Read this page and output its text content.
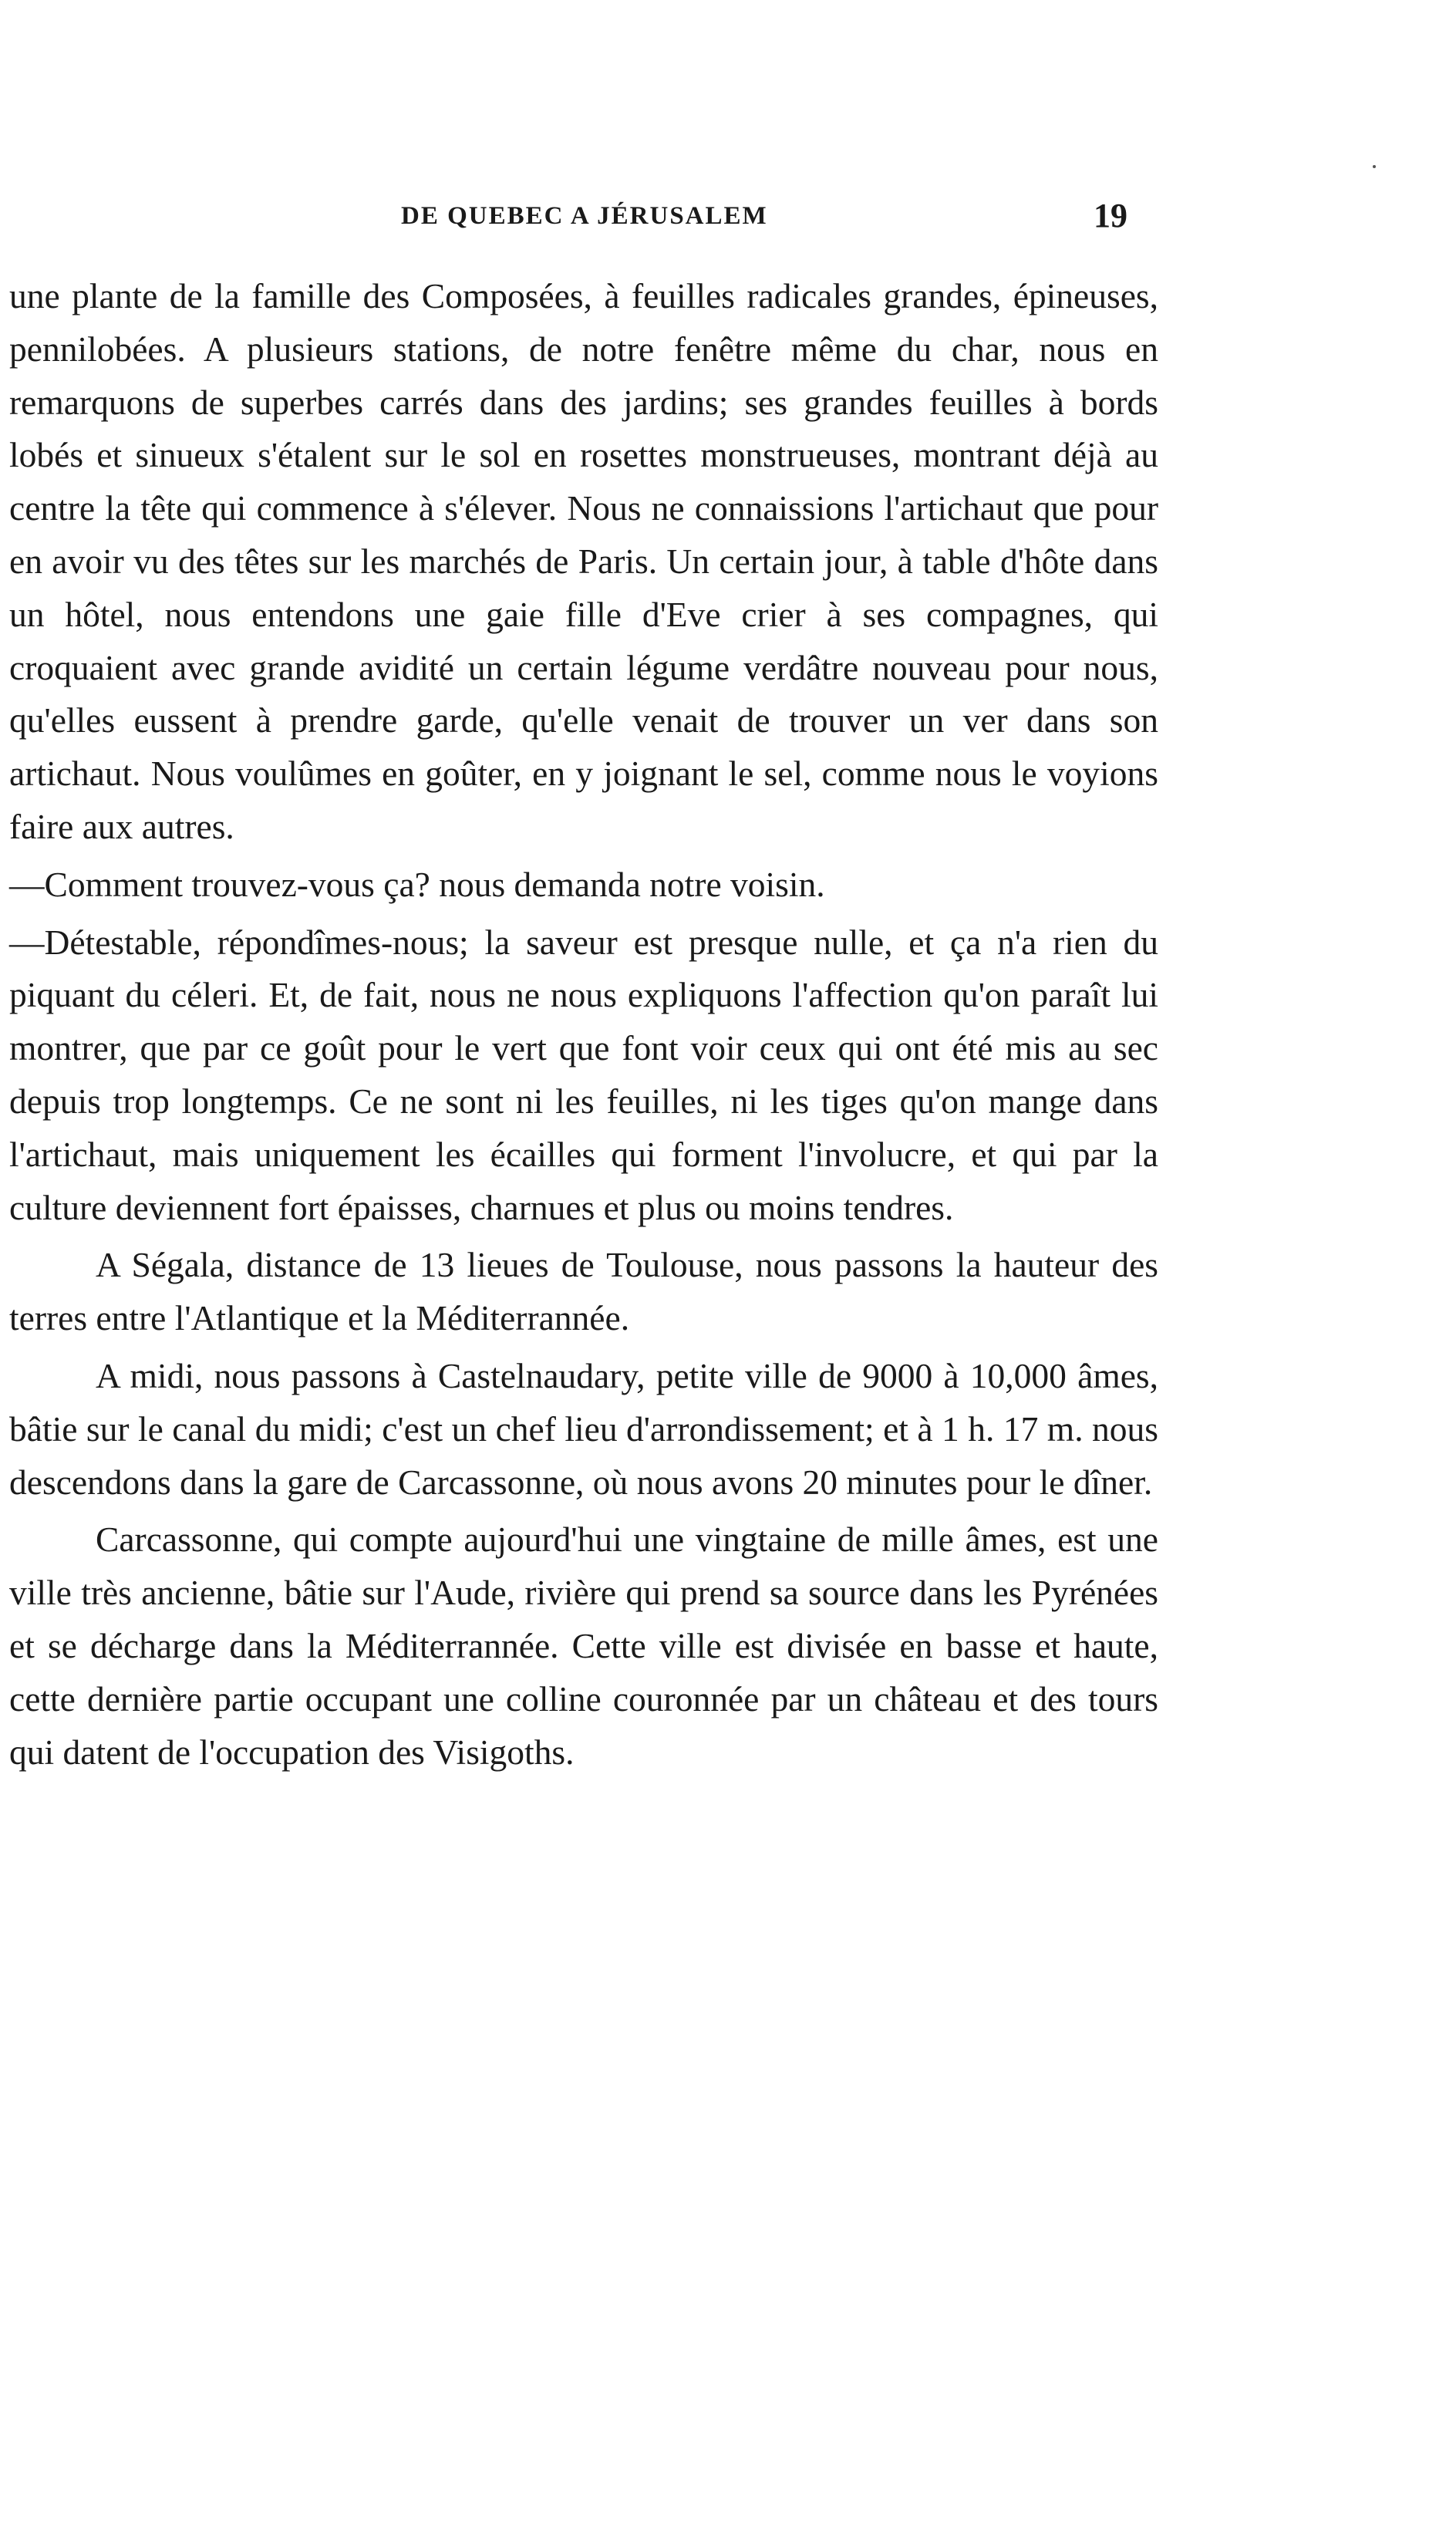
DE QUEBEC A JÉRUSALEM	19

une plante de la famille des Composées, à feuilles radicales grandes, épineuses, pennilobées. A plusieurs stations, de notre fenêtre même du char, nous en remarquons de superbes carrés dans des jardins; ses grandes feuilles à bords lobés et sinueux s'étalent sur le sol en rosettes monstrueuses, montrant déjà au centre la tête qui commence à s'élever. Nous ne connaissions l'artichaut que pour en avoir vu des têtes sur les marchés de Paris. Un certain jour, à table d'hôte dans un hôtel, nous entendons une gaie fille d'Eve crier à ses compagnes, qui croquaient avec grande avidité un certain légume verdâtre nouveau pour nous, qu'elles eussent à prendre garde, qu'elle venait de trouver un ver dans son artichaut. Nous voulûmes en goûter, en y joignant le sel, comme nous le voyions faire aux autres.

—Comment trouvez-vous ça? nous demanda notre voisin.

—Détestable, répondîmes-nous; la saveur est presque nulle, et ça n'a rien du piquant du céleri. Et, de fait, nous ne nous expliquons l'affection qu'on paraît lui montrer, que par ce goût pour le vert que font voir ceux qui ont été mis au sec depuis trop longtemps. Ce ne sont ni les feuilles, ni les tiges qu'on mange dans l'artichaut, mais uniquement les écailles qui forment l'involucre, et qui par la culture deviennent fort épaisses, charnues et plus ou moins tendres.

A Ségala, distance de 13 lieues de Toulouse, nous passons la hauteur des terres entre l'Atlantique et la Méditerrannée.

A midi, nous passons à Castelnaudary, petite ville de 9000 à 10,000 âmes, bâtie sur le canal du midi; c'est un chef lieu d'arrondissement; et à 1 h. 17 m. nous descendons dans la gare de Carcassonne, où nous avons 20 minutes pour le dîner.

Carcassonne, qui compte aujourd'hui une vingtaine de mille âmes, est une ville très ancienne, bâtie sur l'Aude, rivière qui prend sa source dans les Pyrénées et se décharge dans la Méditerrannée. Cette ville est divisée en basse et haute, cette dernière partie occupant une colline couronnée par un château et des tours qui datent de l'occupation des Visigoths.
